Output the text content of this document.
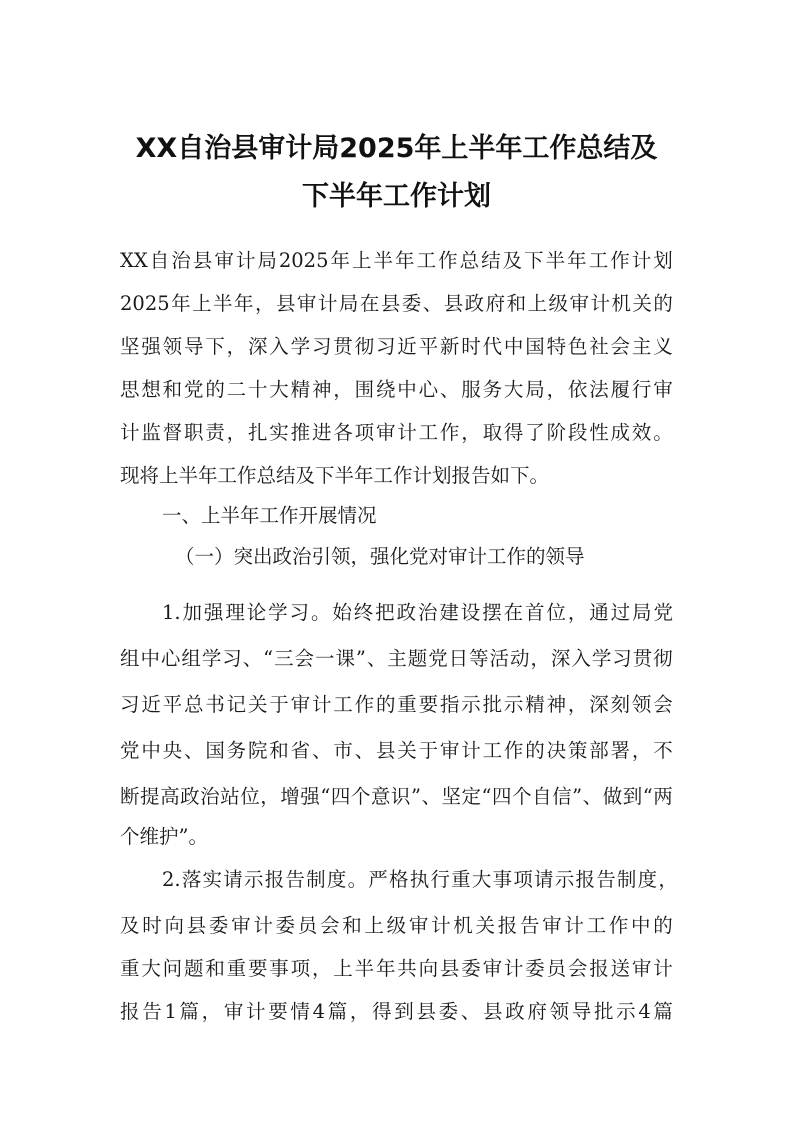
XX自治县审计局2025年上半年工作总结及
下半年工作计划
XX 自 治 县 审 计 局 2025 年 上 半 年 工 作 总 结 及 下 半 年 工 作 计 划
2025 年 上 半 年 ， 县 审 计 局 在 县 委 、 县 政 府 和 上 级 审 计 机 关 的
坚 强 领 导 下 ， 深 入 学 习 贯 彻 习 近 平 新 时 代 中 国 特 色 社 会 主 义
思 想 和 党 的 二 十 大 精 神 ， 围 绕 中 心 、 服 务 大 局 ， 依 法 履 行 审
计 监 督 职 责 ， 扎 实 推 进 各 项 审 计 工 作 ， 取 得 了 阶 段 性 成 效 。
现将上半年工作总结及下半年工作计划报告如下。
一、上半年工作开展情况
（一）突出政治引领，强化党对审计工作的领导
1. 加 强 理 论 学 习 。 始 终 把 政 治 建 设 摆 在 首 位 ， 通 过 局 党
组 中 心 组 学 习 、 “ 三 会 一 课 ” 、 主 题 党 日 等 活 动 ， 深 入 学 习 贯 彻
习 近 平 总 书 记 关 于 审 计 工 作 的 重 要 指 示 批 示 精 神 ， 深 刻 领 会
党 中 央 、 国 务 院 和 省 、 市 、 县 关 于 审 计 工 作 的 决 策 部 署 ， 不
断 提 高 政 治 站 位 ， 增 强 “ 四 个 意 识 ” 、 坚 定 “ 四 个 自 信 ” 、 做 到 “ 两
个维护”。
2. 落 实 请 示 报 告 制 度 。 严 格 执 行 重 大 事 项 请 示 报 告 制 度 ，
及 时 向 县 委 审 计 委 员 会 和 上 级 审 计 机 关 报 告 审 计 工 作 中 的
重 大 问 题 和 重 要 事 项 ， 上 半 年 共 向 县 委 审 计 委 员 会 报 送 审 计
报 告 1 篇 ， 审 计 要 情 4 篇 ， 得 到 县 委 、 县 政 府 领 导 批 示 4 篇
